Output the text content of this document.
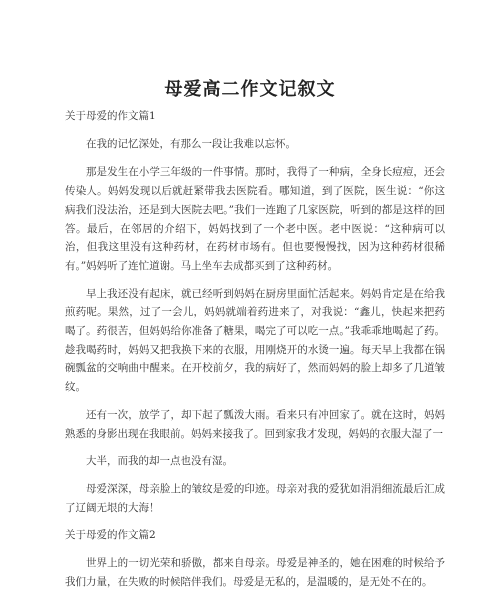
母爱高二作文记叙文

关于母爱的作文篇1

在我的记忆深处，有那么一段让我难以忘怀。

那是发生在小学三年级的一件事情。那时，我得了一种病，全身长痘痘，还会传染人。妈妈发现以后就赶紧带我去医院看。哪知道，到了医院，医生说：“你这病我们没法治，还是到大医院去吧。”我们一连跑了几家医院，听到的都是这样的回答。最后，在邻居的介绍下，妈妈找到了一个老中医。老中医说：“这种病可以治，但我这里没有这种药材，在药材市场有。但也要慢慢找，因为这种药材很稀有。”妈妈听了连忙道谢。马上坐车去成都买到了这种药材。

早上我还没有起床，就已经听到妈妈在厨房里面忙活起来。妈妈肯定是在给我煎药呢。果然，过了一会儿，妈妈就端着药进来了，对我说：“鑫儿，快起来把药喝了。药很苦，但妈妈给你准备了糖果，喝完了可以吃一点。”我乖乖地喝起了药。趁我喝药时，妈妈又把我换下来的衣服，用刚烧开的水烫一遍。每天早上我都在锅碗瓢盆的交响曲中醒来。在开校前夕，我的病好了，然而妈妈的脸上却多了几道皱纹。

还有一次，放学了，却下起了瓢泼大雨。看来只有冲回家了。就在这时，妈妈熟悉的身影出现在我眼前。妈妈来接我了。回到家我才发现，妈妈的衣服大湿了一

大半，而我的却一点也没有湿。

母爱深深，母亲脸上的皱纹是爱的印迹。母亲对我的爱犹如涓涓细流最后汇成了辽阔无垠的大海！

关于母爱的作文篇2

世界上的一切光荣和骄傲，都来自母亲。母爱是神圣的，她在困难的时候给予我们力量，在失败的时候陪伴我们。母爱是无私的，是温暖的，是无处不在的。
